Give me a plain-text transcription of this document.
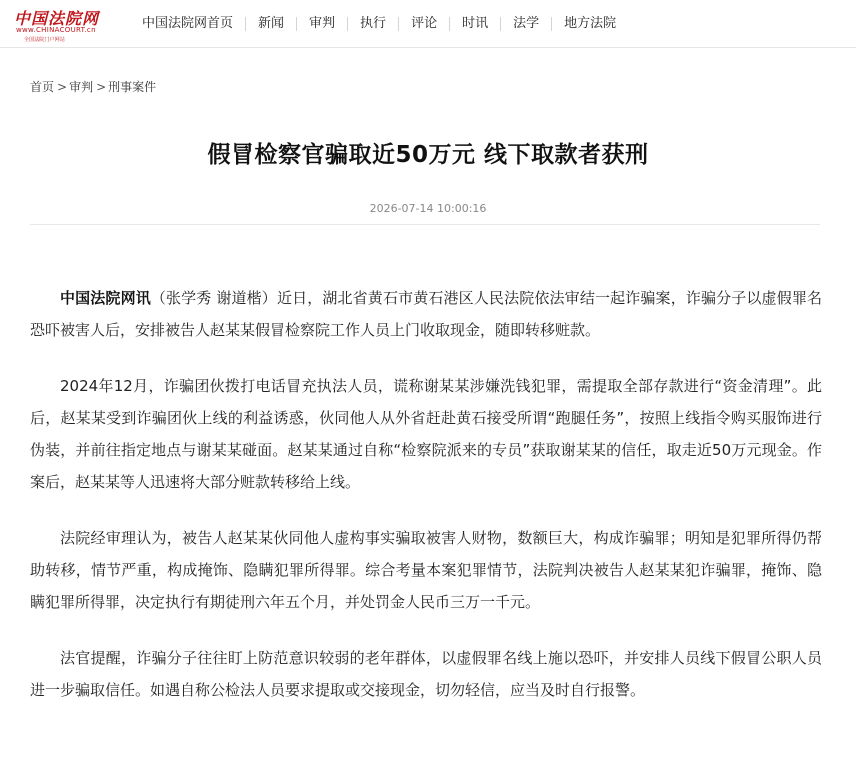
中国法院网
www.CHINACOURT.cn
全国法院门户网站
中国法院网首页	新闻	审判	执行	评论	时讯	法学	地方法院
首页 > 审判 > 刑事案件
假冒检察官骗取近50万元 线下取款者获刑
2026-07-14 10:00:16

中国法院网讯（张学秀 谢道楷）近日，湖北省黄石市黄石港区人民法院依法审结一起诈骗案，诈骗分子以虚假罪名恐吓被害人后，安排被告人赵某某假冒检察院工作人员上门收取现金，随即转移赃款。

2024年12月，诈骗团伙拨打电话冒充执法人员，谎称谢某某涉嫌洗钱犯罪，需提取全部存款进行“资金清理”。此后，赵某某受到诈骗团伙上线的利益诱惑，伙同他人从外省赶赴黄石接受所谓“跑腿任务”，按照上线指令购买服饰进行伪装，并前往指定地点与谢某某碰面。赵某某通过自称“检察院派来的专员”获取谢某某的信任，取走近50万元现金。作案后，赵某某等人迅速将大部分赃款转移给上线。

法院经审理认为，被告人赵某某伙同他人虚构事实骗取被害人财物，数额巨大，构成诈骗罪；明知是犯罪所得仍帮助转移，情节严重，构成掩饰、隐瞒犯罪所得罪。综合考量本案犯罪情节，法院判决被告人赵某某犯诈骗罪，掩饰、隐瞒犯罪所得罪，决定执行有期徒刑六年五个月，并处罚金人民币三万一千元。

法官提醒，诈骗分子往往盯上防范意识较弱的老年群体，以虚假罪名线上施以恐吓，并安排人员线下假冒公职人员进一步骗取信任。如遇自称公检法人员要求提取或交接现金，切勿轻信，应当及时自行报警。
